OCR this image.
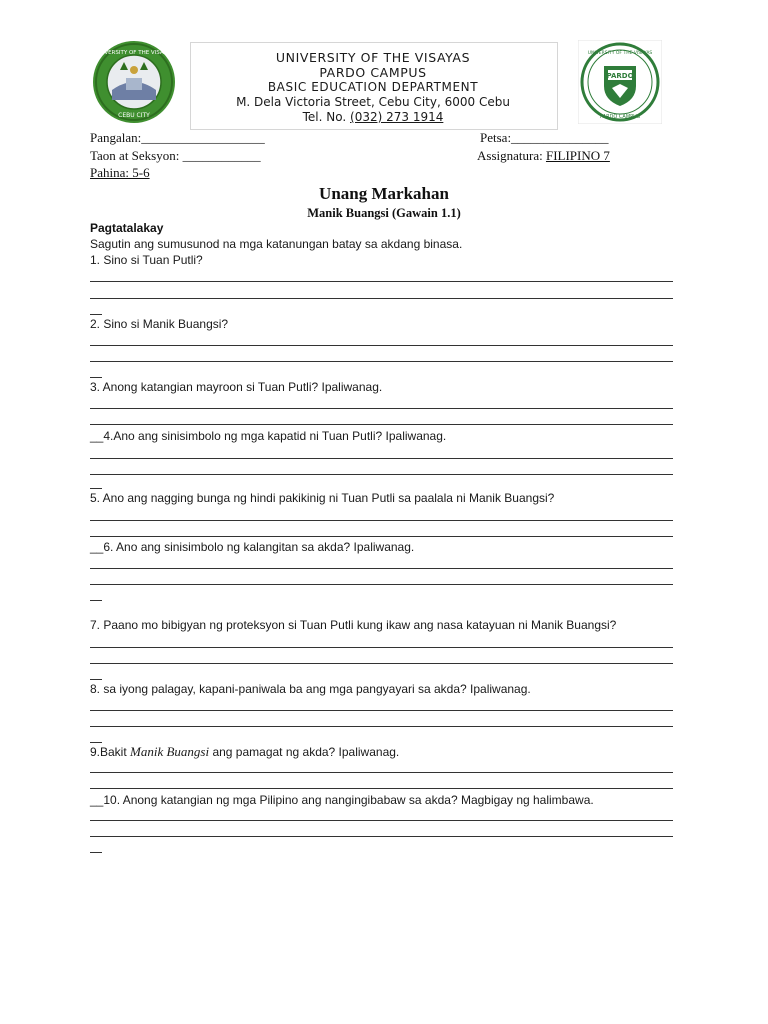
UNIVERSITY OF THE VISAYAS
CEBU CITY
UNIVERSITY OF THE VISAYAS
PARDO CAMPUS
BASIC EDUCATION DEPARTMENT
M. Dela Victoria Street, Cebu City, 6000 Cebu
Tel. No. (032) 273 1914
PARDO
UNIVERSITY OF THE VISAYAS
PARDO CAMPUS
Pangalan:___________________	Petsa:_______________
Taon at Seksyon: ____________	Assignatura: FILIPINO 7
Pahina: 5-6
Unang Markahan
Manik Buangsi (Gawain 1.1)
Pagtatalakay
Sagutin ang sumusunod na mga katanungan batay sa akdang binasa.
1. Sino si Tuan Putli?
2. Sino si Manik Buangsi?
3. Anong katangian mayroon si Tuan Putli? Ipaliwanag.
__4.Ano ang sinisimbolo ng mga kapatid ni Tuan Putli? Ipaliwanag.
5. Ano ang nagging bunga ng hindi pakikinig ni Tuan Putli sa paalala ni Manik Buangsi?
__6. Ano ang sinisimbolo ng kalangitan sa akda? Ipaliwanag.
7. Paano mo bibigyan ng proteksyon si Tuan Putli kung ikaw ang nasa katayuan ni Manik Buangsi?
8. sa iyong palagay, kapani-paniwala ba ang mga pangyayari sa akda? Ipaliwanag.
9.Bakit Manik Buangsi ang pamagat ng akda? Ipaliwanag.
__10. Anong katangian ng mga Pilipino ang nangingibabaw sa akda? Magbigay ng halimbawa.
